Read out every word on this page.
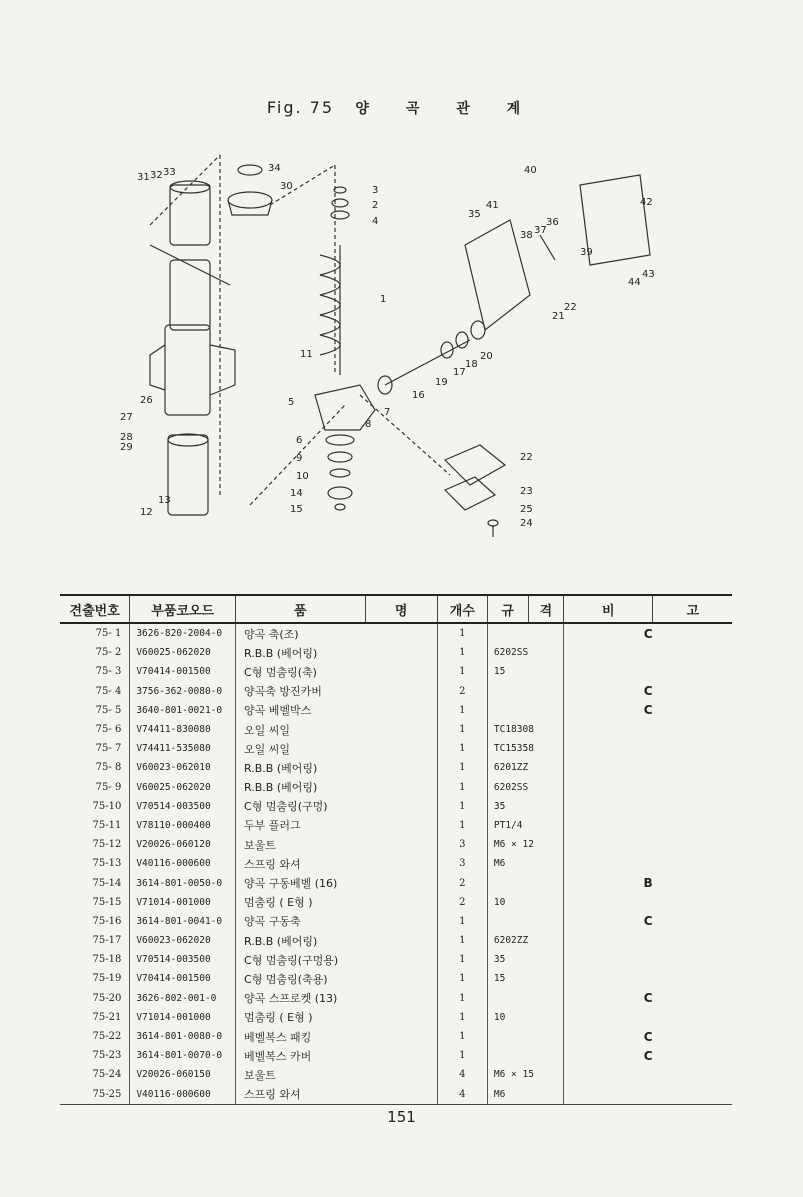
Fig. 75 양 곡 관 계
31 32 33	34
30	3
2
4
1
11
5
6
9
10
14
15
8
7
16
19
17
18
20
21
22
35
41
40
38 37
36
39
42
43
44
22
23
25
24
12
13
26
27
28
29
견출번호	부품코오드	품	명	개수	규	격	비	고
75- 1	3626-820-2004-0	양곡 축(조)		1			C	
75- 2	V60025-062020	R.B.B (베어링)		1	6202SS			
75- 3	V70414-001500	C형 멈춤링(축)		1	15			
75- 4	3756-362-0080-0	양곡축 방진카버		2			C	
75- 5	3640-801-0021-0	양곡 베벨박스		1			C	
75- 6	V74411-830080	오일 씨일		1	TC18308			
75- 7	V74411-535080	오일 씨일		1	TC15358			
75- 8	V60023-062010	R.B.B (베어링)		1	6201ZZ			
75- 9	V60025-062020	R.B.B (베어링)		1	6202SS			
75-10	V70514-003500	C형 멈춤링(구멍)		1	35			
75-11	V78110-000400	두부 플러그		1	PT1/4			
75-12	V20026-060120	보울트		3	M6 × 12			
75-13	V40116-000600	스프링 와셔		3	M6			
75-14	3614-801-0050-0	양곡 구동베벨 (16)		2			B	
75-15	V71014-001000	멈춤링 ( E형 )		2	10			
75-16	3614-801-0041-0	양곡 구동축		1			C	
75-17	V60023-062020	R.B.B (베어링)		1	6202ZZ			
75-18	V70514-003500	C형 멈춤링(구멍용)		1	35			
75-19	V70414-001500	C형 멈춤링(축용)		1	15			
75-20	3626-802-001-0	양곡 스프로켓 (13)		1			C	
75-21	V71014-001000	멈춤링 ( E형 )		1	10			
75-22	3614-801-0080-0	베벨복스 패킹		1			C	
75-23	3614-801-0070-0	베벨복스 카버		1			C	
75-24	V20026-060150	보울트		4	M6 × 15			
75-25	V40116-000600	스프링 와셔		4	M6			
151
